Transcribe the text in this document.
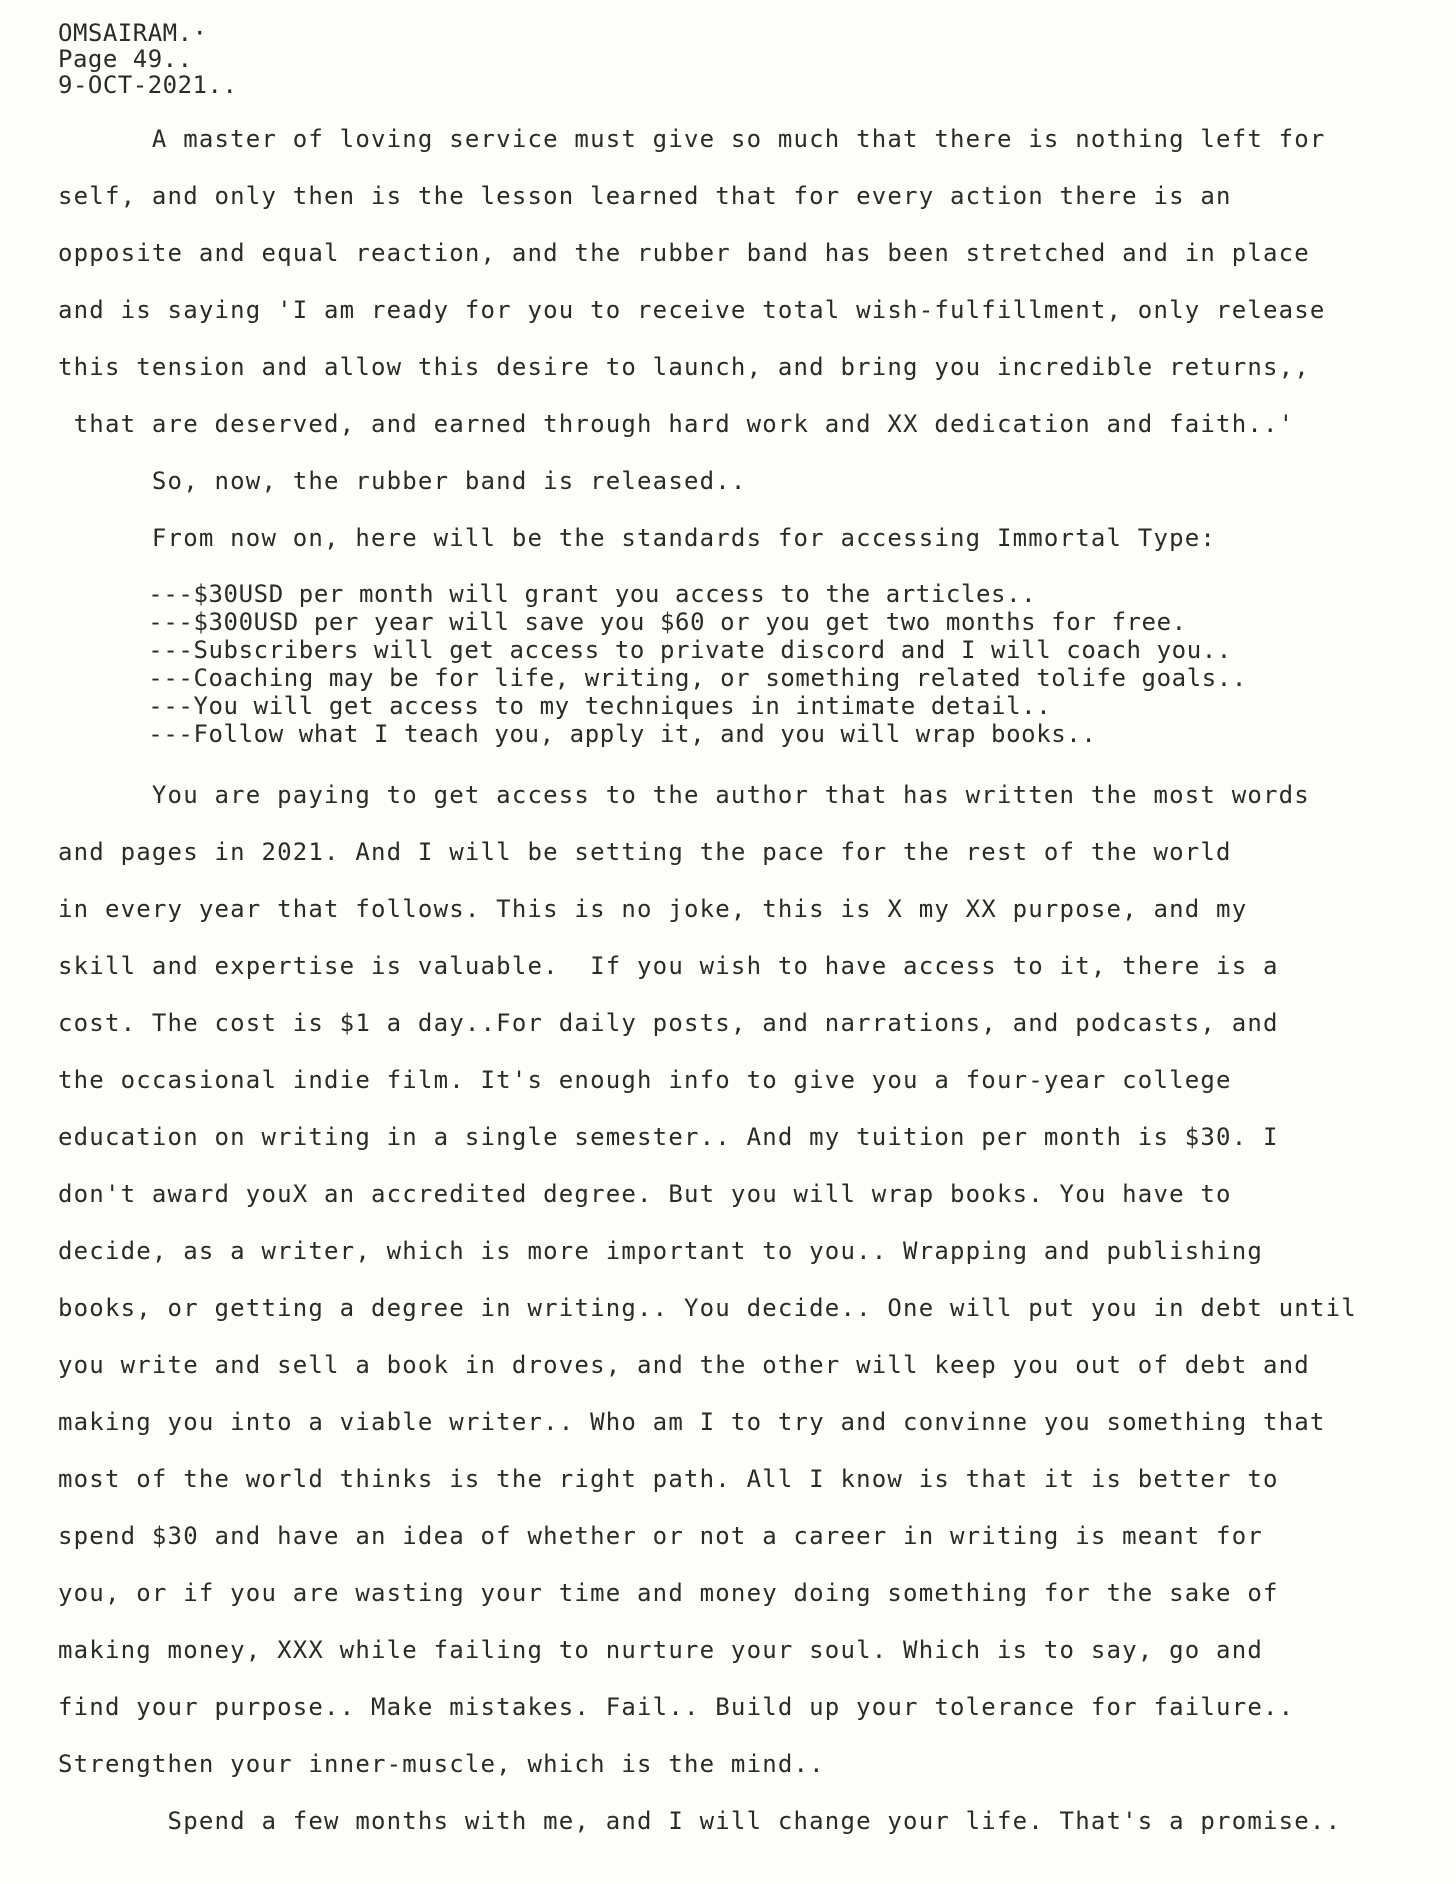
OMSAIRAM.·
Page 49..
9-OCT-2021..
A master of loving service must give so much that there is nothing left for
self, and only then is the lesson learned that for every action there is an
opposite and equal reaction, and the rubber band has been stretched and in place
and is saying 'I am ready for you to receive total wish-fulfillment, only release
this tension and allow this desire to launch, and bring you incredible returns,,
that are deserved, and earned through hard work and XX dedication and faith..'
So, now, the rubber band is released..
From now on, here will be the standards for accessing Immortal Type:
---$30USD per month will grant you access to the articles..
---$300USD per year will save you $60 or you get two months for free.
---Subscribers will get access to private discord and I will coach you..
---Coaching may be for life, writing, or something related tolife goals..
---You will get access to my techniques in intimate detail..
---Follow what I teach you, apply it, and you will wrap books..
You are paying to get access to the author that has written the most words
and pages in 2021. And I will be setting the pace for the rest of the world
in every year that follows. This is no joke, this is X my XX purpose, and my
skill and expertise is valuable.  If you wish to have access to it, there is a
cost. The cost is $1 a day..For daily posts, and narrations, and podcasts, and
the occasional indie film. It's enough info to give you a four-year college
education on writing in a single semester.. And my tuition per month is $30. I
don't award youX an accredited degree. But you will wrap books. You have to
decide, as a writer, which is more important to you.. Wrapping and publishing
books, or getting a degree in writing.. You decide.. One will put you in debt until
you write and sell a book in droves, and the other will keep you out of debt and
making you into a viable writer.. Who am I to try and convinne you something that
most of the world thinks is the right path. All I know is that it is better to
spend $30 and have an idea of whether or not a career in writing is meant for
you, or if you are wasting your time and money doing something for the sake of
making money, XXX while failing to nurture your soul. Which is to say, go and
find your purpose.. Make mistakes. Fail.. Build up your tolerance for failure..
Strengthen your inner-muscle, which is the mind..
Spend a few months with me, and I will change your life. That's a promise..
